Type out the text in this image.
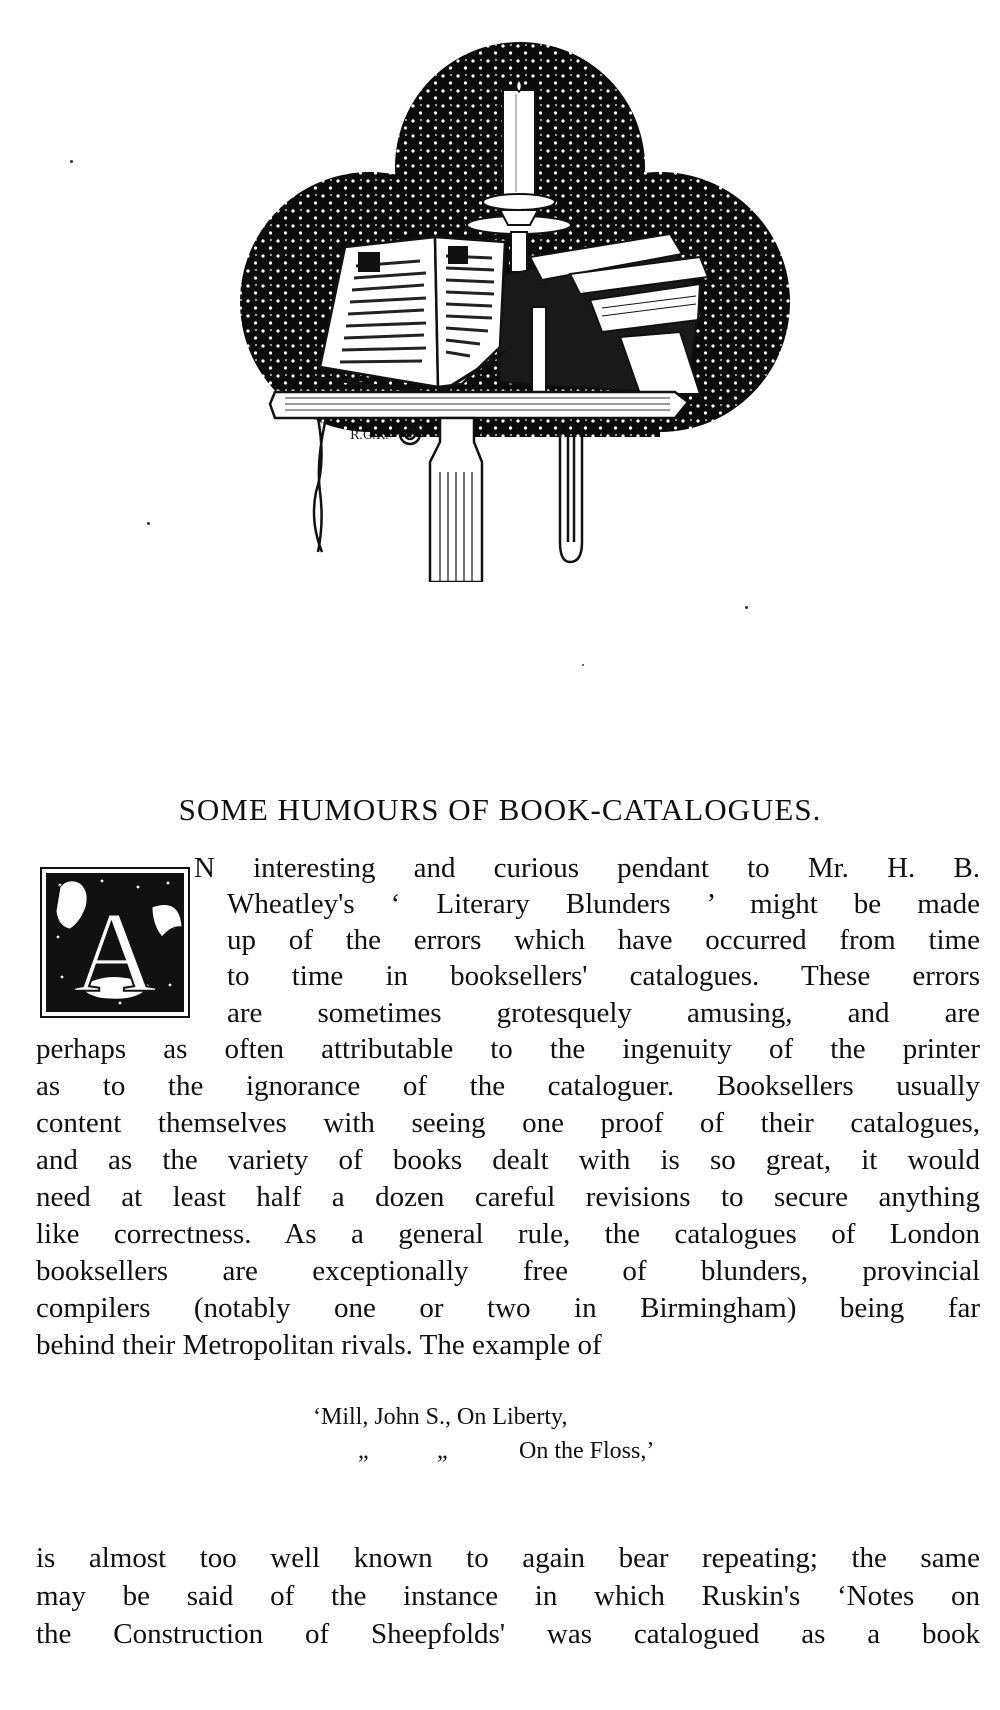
R.G.R.
SOME HUMOURS OF BOOK-CATALOGUES.
A
N interesting and curious pendant to Mr. H. B.
Wheatley's ‘ Literary Blunders ’ might be made
up of the errors which have occurred from time
to time in booksellers' catalogues. These errors
are sometimes grotesquely amusing, and are
perhaps as often attributable to the ingenuity of the printer
as to the ignorance of the cataloguer. Booksellers usually
content themselves with seeing one proof of their catalogues,
and as the variety of books dealt with is so great, it would
need at least half a dozen careful revisions to secure anything
like correctness. As a general rule, the catalogues of London
booksellers are exceptionally free of blunders, provincial
compilers (notably one or two in Birmingham) being far
behind their Metropolitan rivals. The example of
‘Mill, John S., On Liberty,
„	„	On the Floss,’
is almost too well known to again bear repeating; the same
may be said of the instance in which Ruskin's ‘Notes on
the Construction of Sheepfolds' was catalogued as a book
